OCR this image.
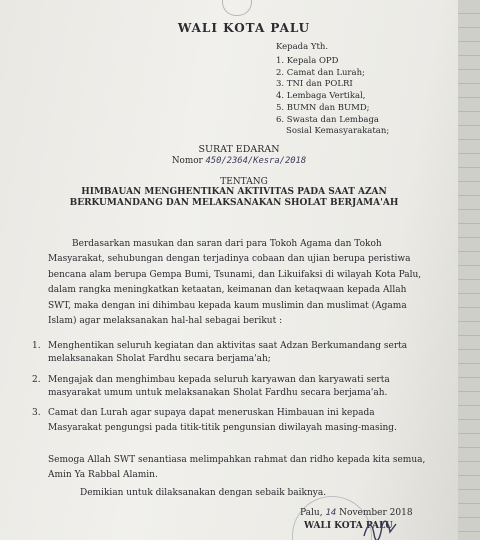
WALI KOTA PALU
Kepada Yth.
1. Kepala OPD
2. Camat dan Lurah;
3. TNI dan POLRI
4. Lembaga Vertikal,
5. BUMN dan BUMD;
6. Swasta dan Lembaga
Sosial Kemasyarakatan;
SURAT EDARAN
Nomor 450/2364/Kesra/2018
TENTANG
HIMBAUAN MENGHENTIKAN AKTIVITAS PADA SAAT AZAN
BERKUMANDANG DAN MELAKSANAKAN SHOLAT BERJAMA'AH

Berdasarkan masukan dan saran dari para Tokoh Agama dan Tokoh Masyarakat, sehubungan dengan terjadinya cobaan dan ujian berupa peristiwa bencana alam berupa Gempa Bumi, Tsunami, dan Likuifaksi di wilayah Kota Palu, dalam rangka meningkatkan ketaatan, keimanan dan ketaqwaan kepada Allah SWT, maka dengan ini dihimbau kepada kaum muslimin dan muslimat (Agama Islam) agar melaksanakan hal-hal sebagai berikut :

1. Menghentikan seluruh kegiatan dan aktivitas saat Adzan Berkumandang serta melaksanakan Sholat Fardhu secara berjama'ah;
2. Mengajak dan menghimbau kepada seluruh karyawan dan karyawati serta masyarakat umum untuk melaksanakan Sholat Fardhu secara berjama'ah.
3. Camat dan Lurah agar supaya dapat meneruskan Himbauan ini kepada Masyarakat pengungsi pada titik-titik pengunsian diwilayah masing-masing.

Semoga Allah SWT senantiasa melimpahkan rahmat dan ridho kepada kita semua, Amin Ya Rabbal Alamin.

Demikian untuk dilaksanakan dengan sebaik baiknya.

Palu, 14 November 2018
WALI KOTA PALU
